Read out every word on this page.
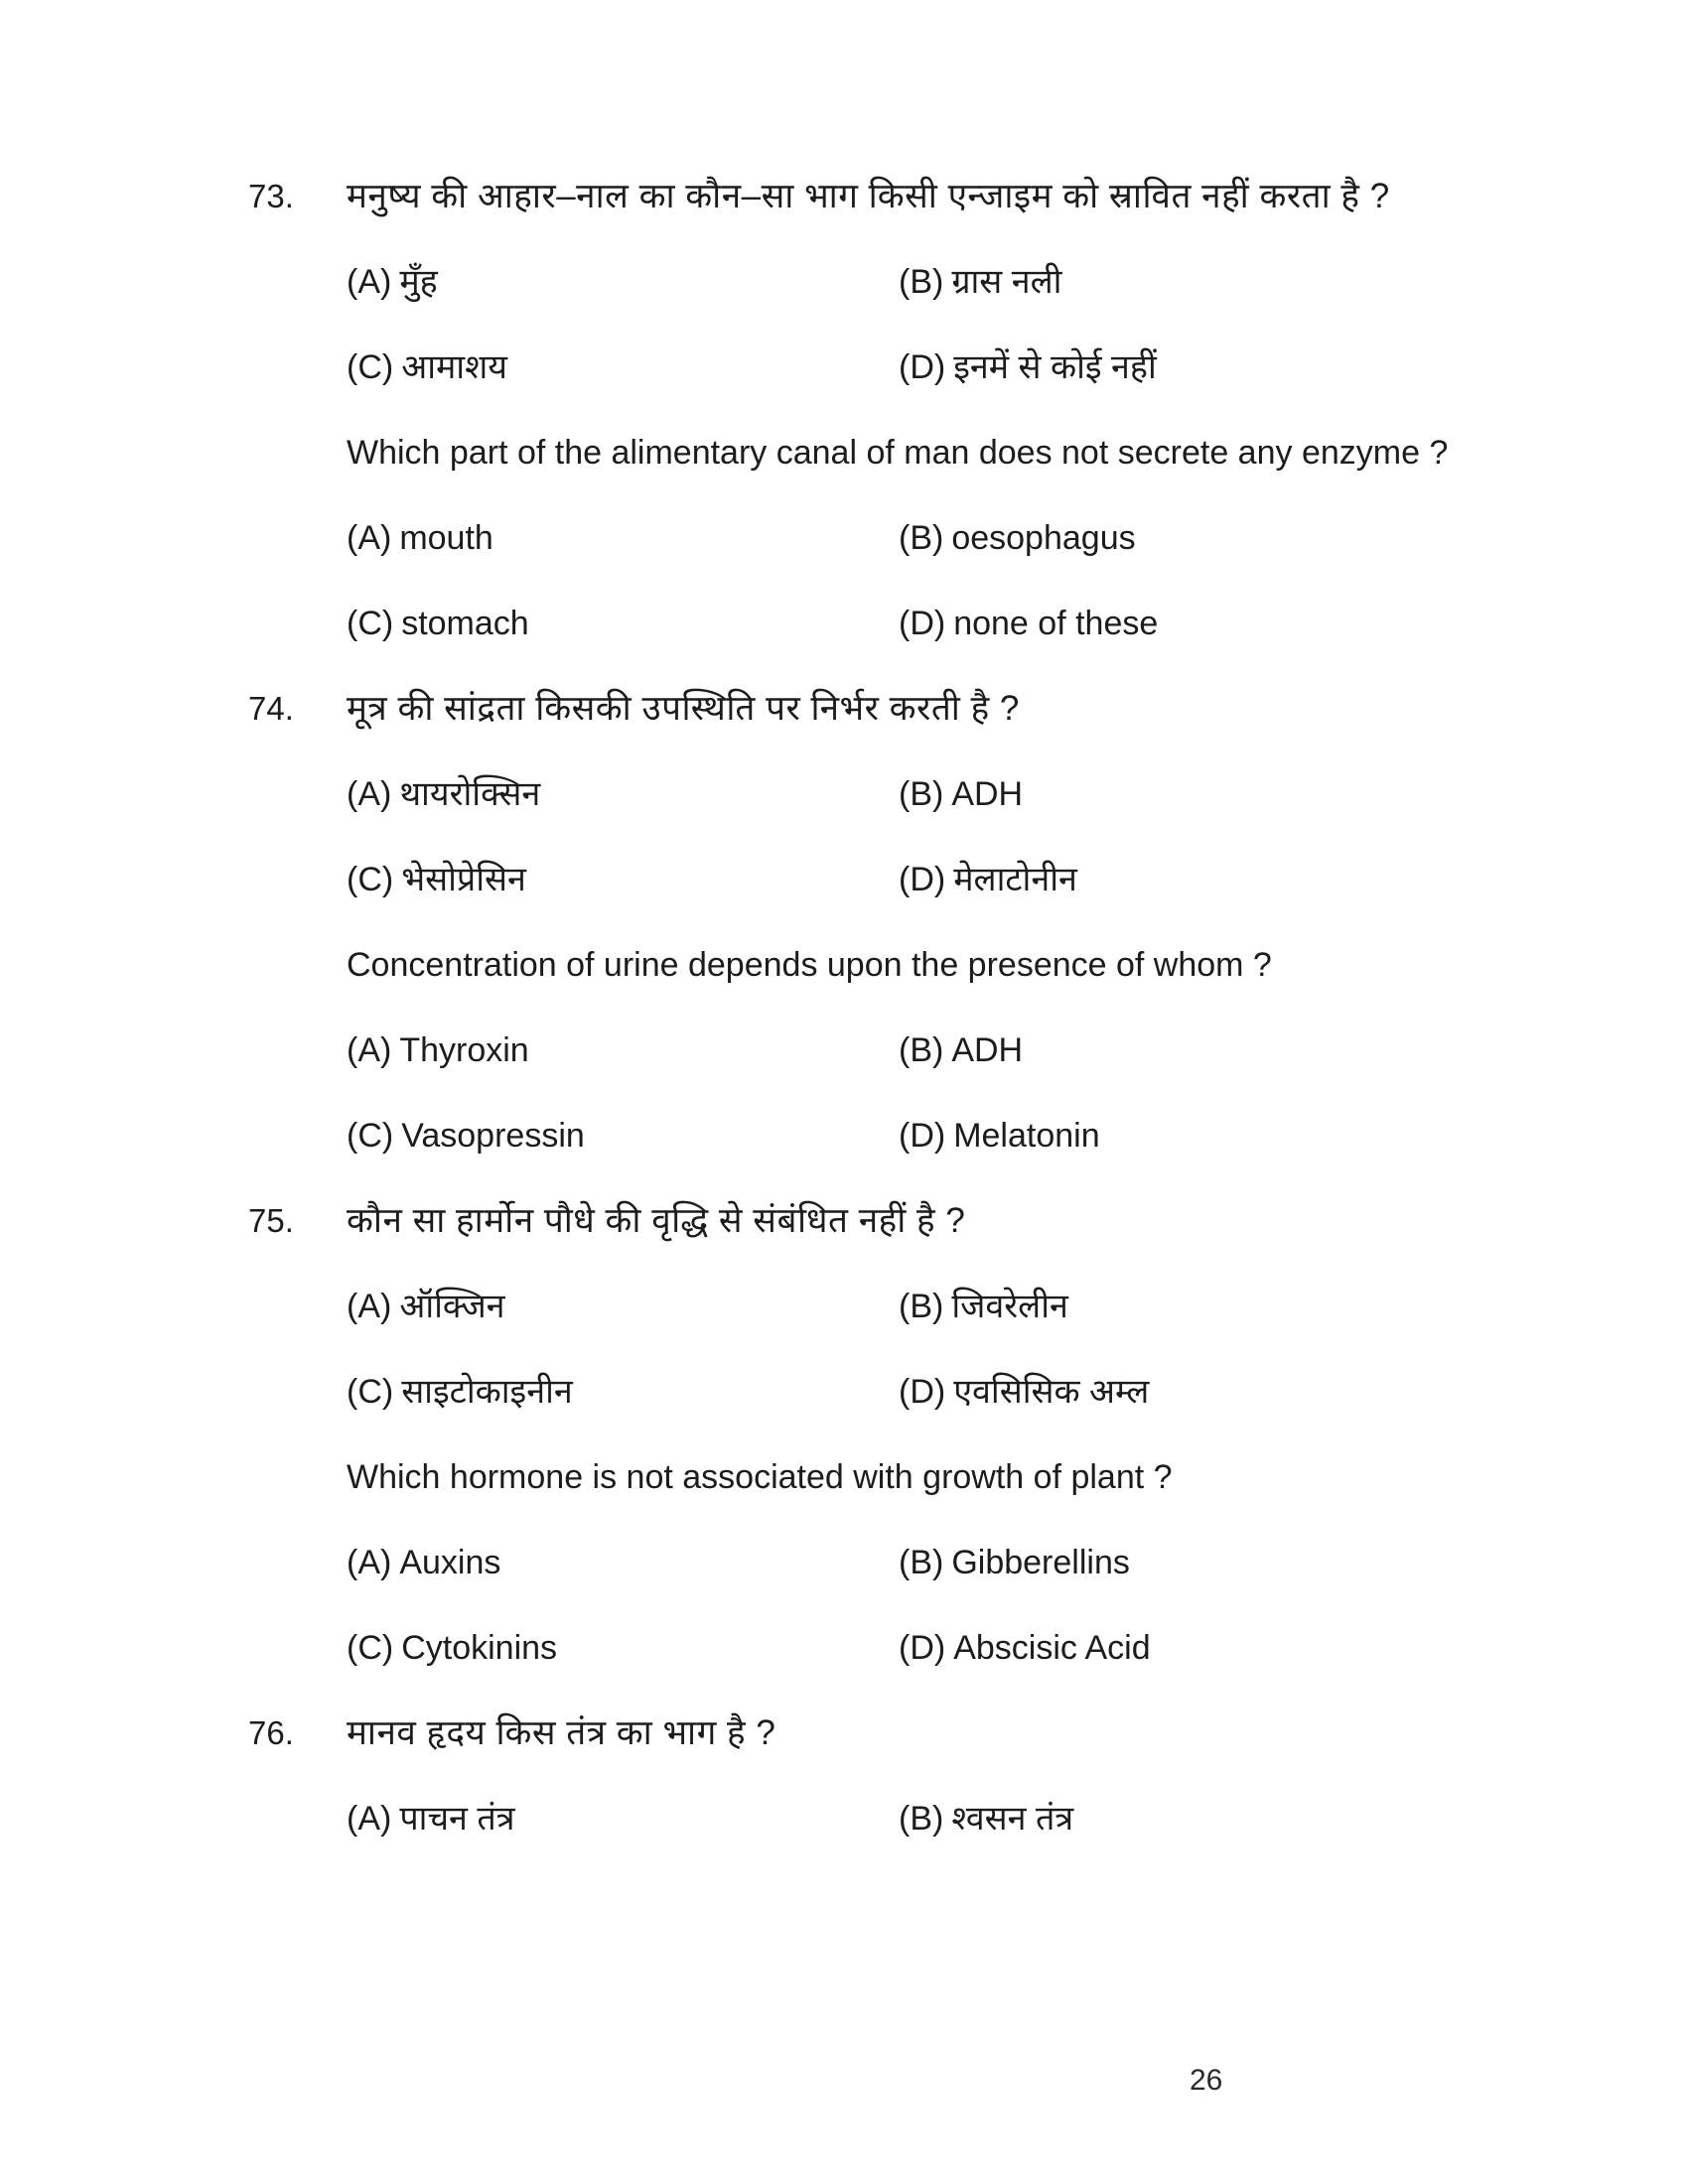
73.	मनुष्य की आहार–नाल का कौन–सा भाग किसी एन्जाइम को स्रावित नहीं करता है ?
(A) मुँह	(B) ग्रास नली
(C) आमाशय	(D) इनमें से कोई नहीं
Which part of the alimentary canal of man does not secrete any enzyme ?
(A) mouth	(B) oesophagus
(C) stomach	(D) none of these
74.	मूत्र की सांद्रता किसकी उपस्थिति पर निर्भर करती है ?
(A) थायरोक्सिन	(B) ADH
(C) भेसोप्रेसिन	(D) मेलाटोनीन
Concentration of urine depends upon the presence of whom ?
(A) Thyroxin	(B) ADH
(C) Vasopressin	(D) Melatonin
75.	कौन सा हार्मोन पौधे की वृद्धि से संबंधित नहीं है ?
(A) ऑक्जिन	(B) जिवरेलीन
(C) साइटोकाइनीन	(D) एवसिसिक अम्ल
Which hormone is not associated with growth of plant ?
(A) Auxins	(B) Gibberellins
(C) Cytokinins	(D) Abscisic Acid
76.	मानव हृदय किस तंत्र का भाग है ?
(A) पाचन तंत्र	(B) श्वसन तंत्र
26
